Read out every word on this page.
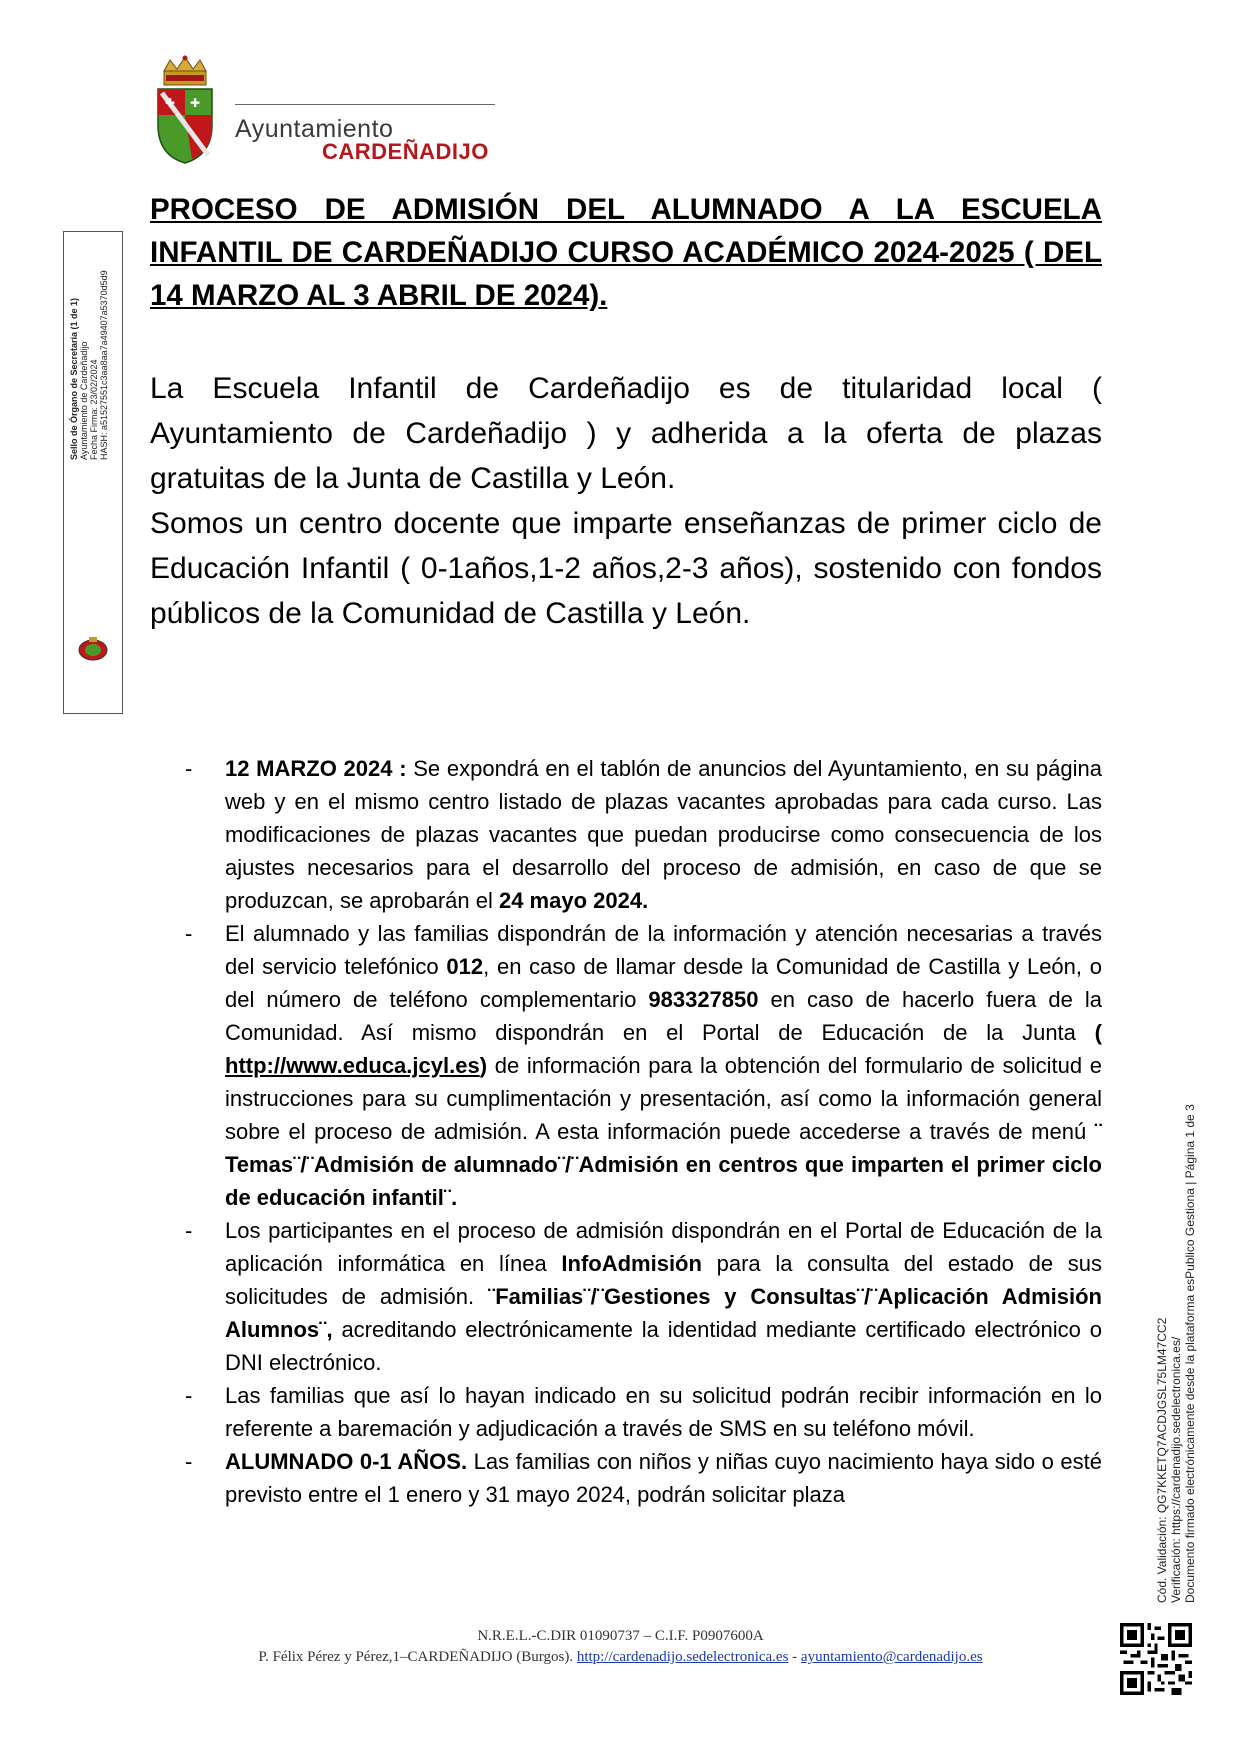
✚ ✚
Ayuntamiento
CARDEÑADIJO
PROCESO DE ADMISIÓN DEL ALUMNADO A LA ESCUELA INFANTIL DE CARDEÑADIJO CURSO ACADÉMICO 2024-2025 ( DEL 14 MARZO AL 3 ABRIL DE 2024).

La Escuela Infantil de Cardeñadijo es de titularidad local ( Ayuntamiento de Cardeñadijo ) y adherida a la oferta de plazas gratuitas de la Junta de Castilla y León.

Somos un centro docente que imparte enseñanzas de primer ciclo de Educación Infantil ( 0-1años,1-2 años,2-3 años), sostenido con fondos públicos de la Comunidad de Castilla y León.

- 12 MARZO 2024 : Se expondrá en el tablón de anuncios del Ayuntamiento, en su página web y en el mismo centro listado de plazas vacantes aprobadas para cada curso. Las modificaciones de plazas vacantes que puedan producirse como consecuencia de los ajustes necesarios para el desarrollo del proceso de admisión, en caso de que se produzcan, se aprobarán el 24 mayo 2024.
- El alumnado y las familias dispondrán de la información y atención necesarias a través del servicio telefónico 012, en caso de llamar desde la Comunidad de Castilla y León, o del número de teléfono complementario 983327850 en caso de hacerlo fuera de la Comunidad. Así mismo dispondrán en el Portal de Educación de la Junta ( http://www.educa.jcyl.es) de información para la obtención del formulario de solicitud e instrucciones para su cumplimentación y presentación, así como la información general sobre el proceso de admisión. A esta información puede accederse a través de menú ¨ Temas¨/¨Admisión de alumnado¨/¨Admisión en centros que imparten el primer ciclo de educación infantil¨.
- Los participantes en el proceso de admisión dispondrán en el Portal de Educación de la aplicación informática en línea InfoAdmisión para la consulta del estado de sus solicitudes de admisión. ¨Familias¨/¨Gestiones y Consultas¨/¨Aplicación Admisión Alumnos¨, acreditando electrónicamente la identidad mediante certificado electrónico o DNI electrónico.
- Las familias que así lo hayan indicado en su solicitud podrán recibir información en lo referente a baremación y adjudicación a través de SMS en su teléfono móvil.
- ALUMNADO 0-1 AÑOS. Las familias con niños y niñas cuyo nacimiento haya sido o esté previsto entre el 1 enero y 31 mayo 2024, podrán solicitar plaza
Sello de Órgano de Secretaría (1 de 1) Ayuntamiento de Cardeñadijo Fecha Firma: 23/02/2024 HASH: a51527551c3aa8aa7a49407a5370d5d9
Cód. Validación: QG7KKETQ7ACDJGSL75LM47CC2 Verificación: https://cardenadijo.sedelectronica.es/ Documento firmado electrónicamente desde la plataforma esPublico Gestiona | Página 1 de 3
N.R.E.L.-C.DIR 01090737 – C.I.F. P0907600A
P. Félix Pérez y Pérez,1–CARDEÑADIJO (Burgos). http://cardenadijo.sedelectronica.es - ayuntamiento@cardenadijo.es
